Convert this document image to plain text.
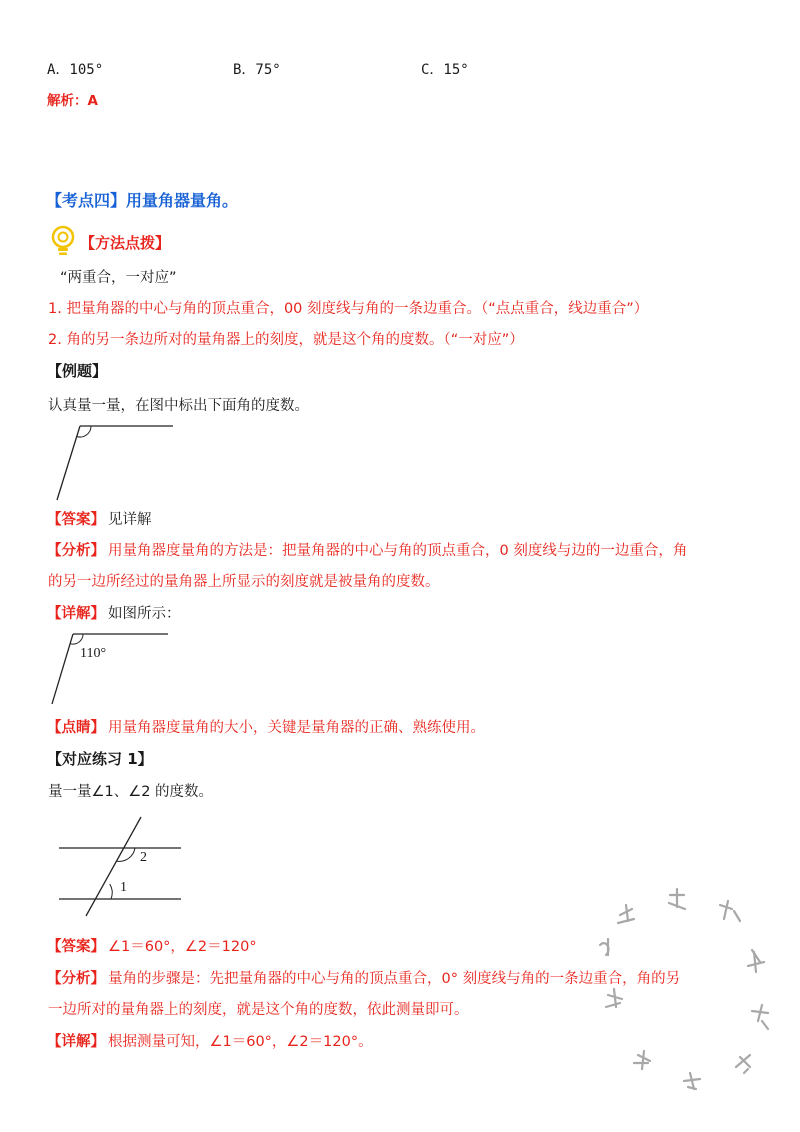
A．105°	B．75°	C．15°
解析：A
【考点四】用量角器量角。
【方法点拨】
“两重合，一对应”
1. 把量角器的中心与角的顶点重合，00 刻度线与角的一条边重合。（“点点重合，线边重合”）
2. 角的另一条边所对的量角器上的刻度，就是这个角的度数。（“一对应”）
【例题】
认真量一量，在图中标出下面角的度数。
【答案】 见详解
【分析】 用量角器度量角的方法是：把量角器的中心与角的顶点重合，0 刻度线与边的一边重合，角
的另一边所经过的量角器上所显示的刻度就是被量角的度数。
【详解】 如图所示：
110°
【点睛】 用量角器度量角的大小，关键是量角器的正确、熟练使用。
【对应练习 1】
量一量∠1、∠2 的度数。
2
1
【答案】 ∠1＝60°，∠2＝120°
【分析】 量角的步骤是：先把量角器的中心与角的顶点重合，0° 刻度线与角的一条边重合，角的另
一边所对的量角器上的刻度，就是这个角的度数，依此测量即可。
【详解】 根据测量可知，∠1＝60°，∠2＝120°。
